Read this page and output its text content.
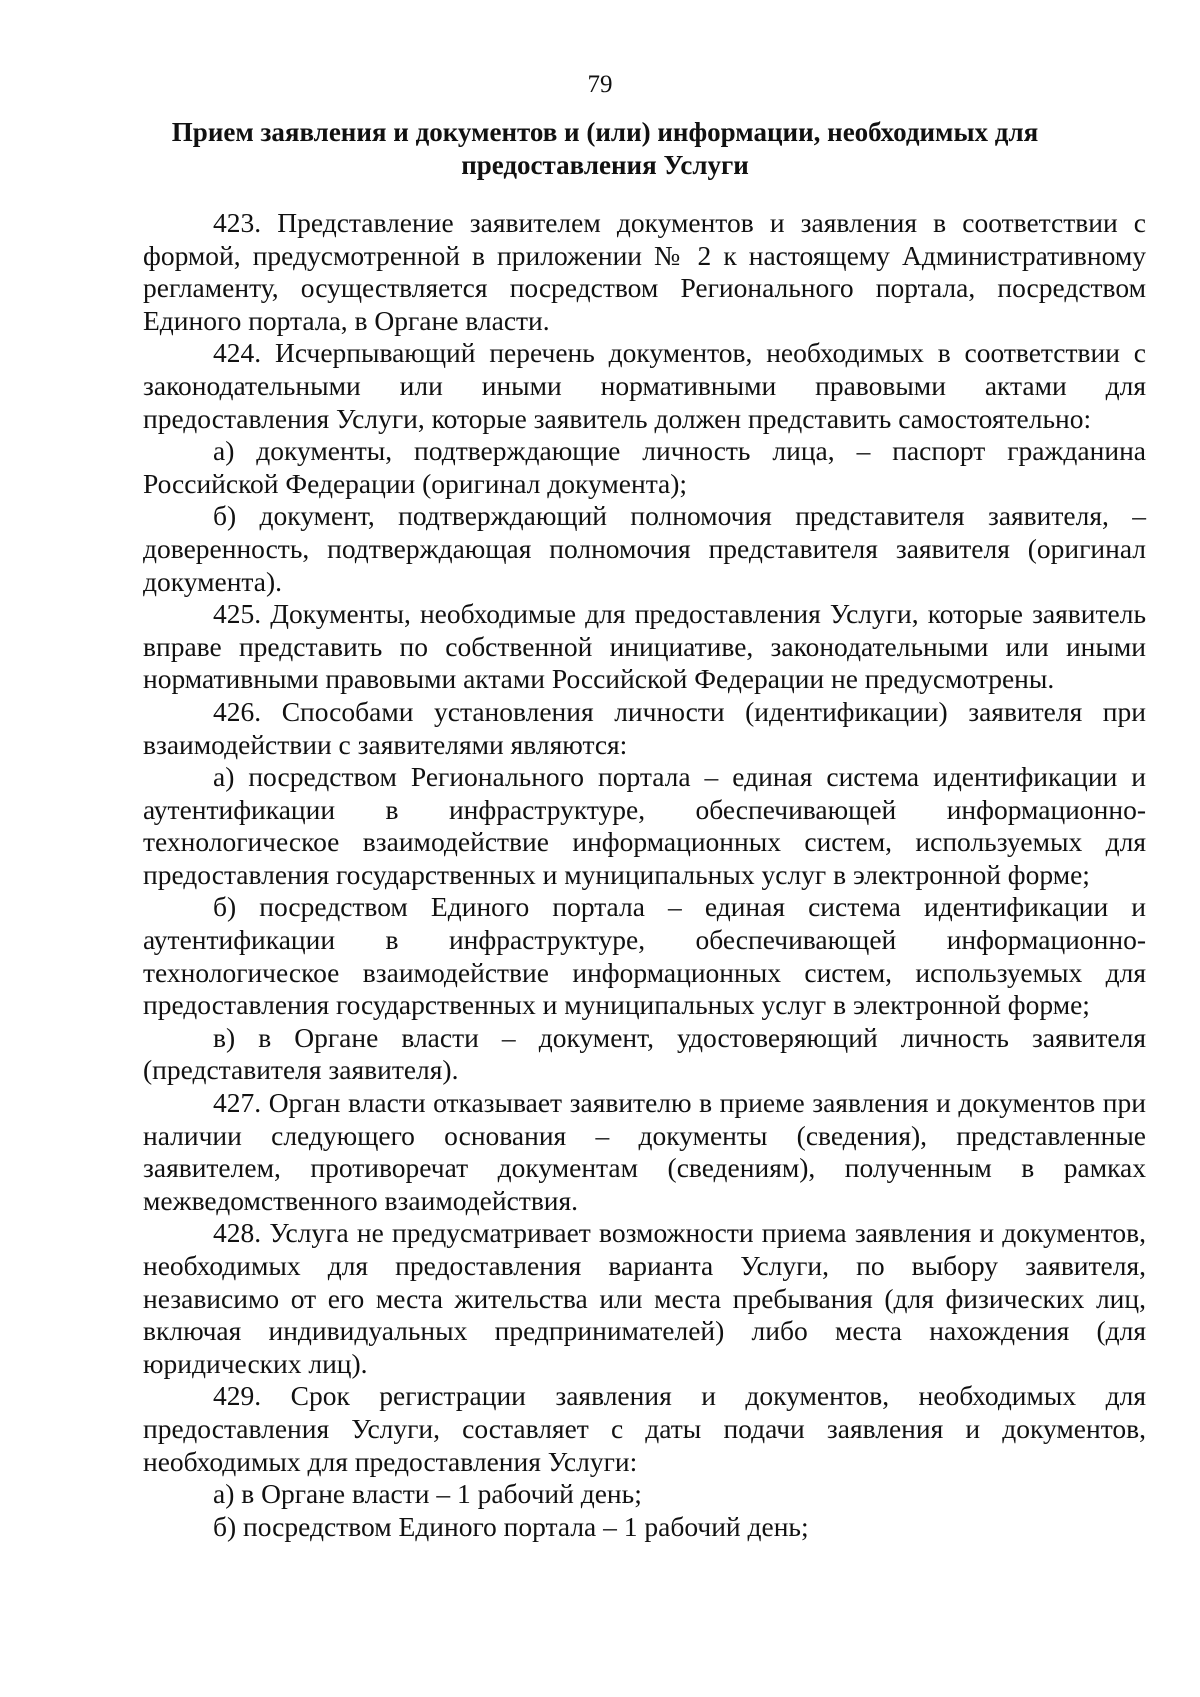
79
Прием заявления и документов и (или) информации, необходимых для предоставления Услуги

423. Представление заявителем документов и заявления в соответствии с формой, предусмотренной в приложении № 2 к настоящему Административному регламенту, осуществляется посредством Регионального портала, посредством Единого портала, в Органе власти.

424. Исчерпывающий перечень документов, необходимых в соответствии с законодательными или иными нормативными правовыми актами для предоставления Услуги, которые заявитель должен представить самостоятельно:

а) документы, подтверждающие личность лица, – паспорт гражданина Российской Федерации (оригинал документа);

б) документ, подтверждающий полномочия представителя заявителя, – доверенность, подтверждающая полномочия представителя заявителя (оригинал документа).

425. Документы, необходимые для предоставления Услуги, которые заявитель вправе представить по собственной инициативе, законодательными или иными нормативными правовыми актами Российской Федерации не предусмотрены.

426. Способами установления личности (идентификации) заявителя при взаимодействии с заявителями являются:

а) посредством Регионального портала – единая система идентификации и аутентификации в инфраструктуре, обеспечивающей информационно-технологическое взаимодействие информационных систем, используемых для предоставления государственных и муниципальных услуг в электронной форме;

б) посредством Единого портала – единая система идентификации и аутентификации в инфраструктуре, обеспечивающей информационно-технологическое взаимодействие информационных систем, используемых для предоставления государственных и муниципальных услуг в электронной форме;

в) в Органе власти – документ, удостоверяющий личность заявителя (представителя заявителя).

427. Орган власти отказывает заявителю в приеме заявления и документов при наличии следующего основания – документы (сведения), представленные заявителем, противоречат документам (сведениям), полученным в рамках межведомственного взаимодействия.

428. Услуга не предусматривает возможности приема заявления и документов, необходимых для предоставления варианта Услуги, по выбору заявителя, независимо от его места жительства или места пребывания (для физических лиц, включая индивидуальных предпринимателей) либо места нахождения (для юридических лиц).

429. Срок регистрации заявления и документов, необходимых для предоставления Услуги, составляет с даты подачи заявления и документов, необходимых для предоставления Услуги:

а) в Органе власти – 1 рабочий день;

б) посредством Единого портала – 1 рабочий день;
